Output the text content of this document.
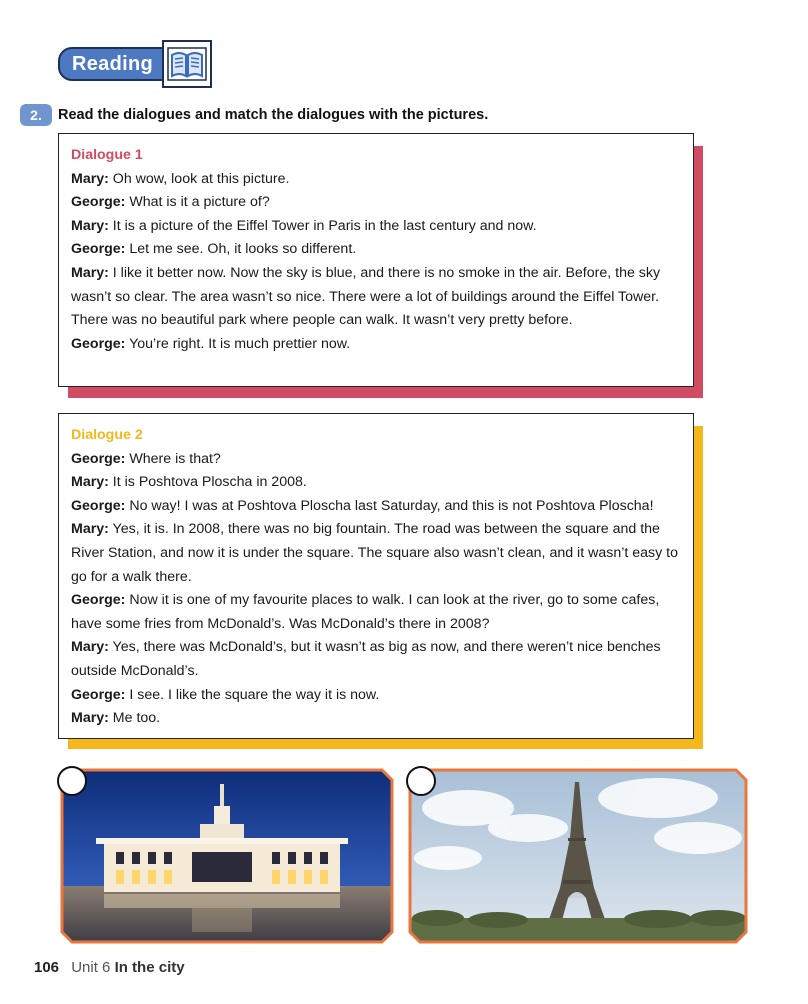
Reading
2.	Read the dialogues and match the dialogues with the pictures.
Dialogue 1

Mary: Oh wow, look at this picture.

George: What is it a picture of?

Mary: It is a picture of the Eiffel Tower in Paris in the last century and now.

George: Let me see. Oh, it looks so different.

Mary: I like it better now. Now the sky is blue, and there is no smoke in the air. Before, the sky wasn’t so clear. The area wasn’t so nice. There were a lot of buildings around the Eiffel Tower. There was no beautiful park where people can walk. It wasn’t very pretty before.

George: You’re right. It is much prettier now.

Dialogue 2

George: Where is that?

Mary: It is Poshtova Ploscha in 2008.

George: No way! I was at Poshtova Ploscha last Saturday, and this is not Poshtova Ploscha!

Mary: Yes, it is. In 2008, there was no big fountain. The road was between the square and the River Station, and now it is under the square. The square also wasn’t clean, and it wasn’t easy to go for a walk there.

George: Now it is one of my favourite places to walk. I can look at the river, go to some cafes, have some fries from McDonald’s. Was McDonald’s there in 2008?

Mary: Yes, there was McDonald’s, but it wasn’t as big as now, and there weren’t nice benches outside McDonald’s.

George: I see. I like the square the way it is now.

Mary: Me too.

106 Unit 6 In the city
